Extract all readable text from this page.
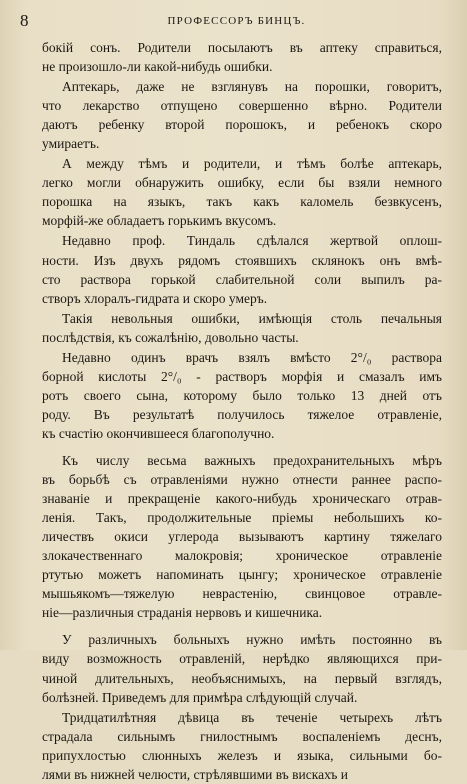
8	ПРОФЕССОРЪ БИНЦЪ.
бокій сонъ. Родители посылаютъ въ аптеку справиться,
не произошло-ли какой-нибудь ошибки.
Аптекарь, даже не взглянувъ на порошки, говоритъ,
что лекарство отпущено совершенно вѣрно. Родители
даютъ ребенку второй порошокъ, и ребенокъ скоро
умираетъ.
А между тѣмъ и родители, и тѣмъ болѣе аптекарь,
легко могли обнаружить ошибку, если бы взяли немного
порошка на языкъ, такъ какъ каломель безвкусенъ,
морфій-же обладаетъ горькимъ вкусомъ.
Недавно проф. Тиндаль сдѣлался жертвой оплош-
ности. Изъ двухъ рядомъ стоявшихъ склянокъ онъ вмѣ-
сто раствора горькой слабительной соли выпилъ ра-
створъ хлоралъ-гидрата и скоро умеръ.
Такія невольныя ошибки, имѣющія столь печальныя
послѣдствія, къ сожалѣнію, довольно часты.
Недавно одинъ врачъ взялъ вмѣсто 2°/₀ раствора
борной кислоты 2°/₀ - растворъ морфія и смазалъ имъ
ротъ своего сына, которому было только 13 дней отъ
роду. Въ результатѣ получилось тяжелое отравленіе,
къ счастію окончившееся благополучно.
Къ числу весьма важныхъ предохранительныхъ мѣръ
въ борьбѣ съ отравленіями нужно отнести раннее распо-
знаваніе и прекращеніе какого-нибудь хроническаго отрав-
ленія. Такъ, продолжительные пріемы небольшихъ ко-
личествъ окиси углерода вызываютъ картину тяжелаго
злокачественнаго малокровія; хроническое отравленіе
ртутью можетъ напоминать цынгу; хроническое отравленіе
мышьякомъ—тяжелую неврастенію, свинцовое отравле-
ніе—различныя страданія нервовъ и кишечника.
У различныхъ больныхъ нужно имѣть постоянно въ
виду возможность отравленій, нерѣдко являющихся при-
чиной длительныхъ, необъяснимыхъ, на первый взглядъ,
болѣзней. Приведемъ для примѣра слѣдующій случай.
Тридцатилѣтняя дѣвица въ теченіе четырехъ лѣтъ
страдала сильнымъ гнилостнымъ воспаленіемъ деснъ,
припухлостью слюнныхъ железъ и языка, сильными бо-
лями въ нижней челюсти, стрѣлявшими въ вискахъ и
